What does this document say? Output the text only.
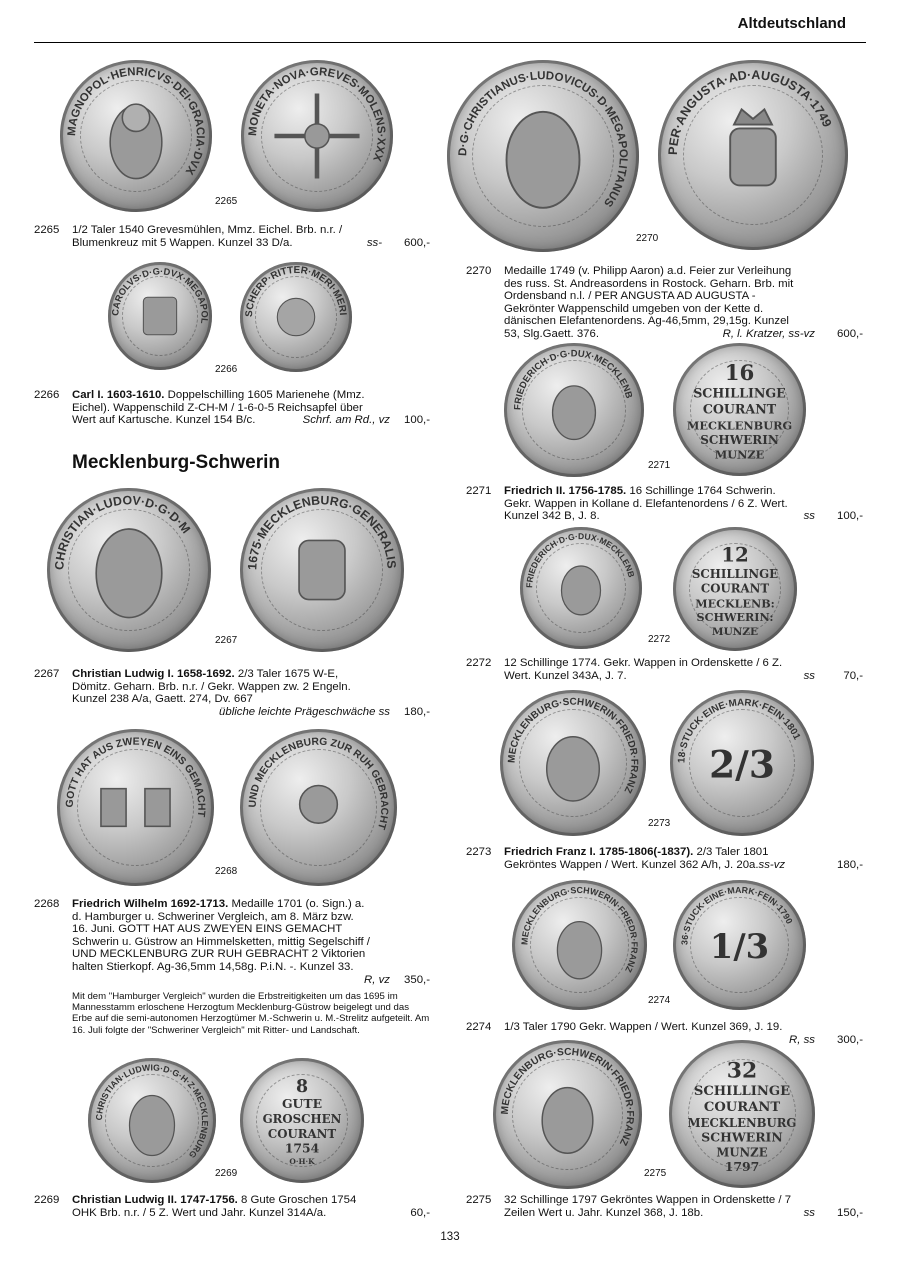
Altdeutschland
MAGNOPOL·HENRICVS·DEI·GRACIA·DVX
MONETA·NOVA·GREVES·MOLENS·XXX
2265
2265 1/2 Taler 1540 Grevesmühlen, Mmz. Eichel. Brb. n.r. /
Blumenkreuz mit 5 Wappen. Kunzel 33 D/a.	ss-	600,-
CAROLVS·D·G·DVX·MEGAPOL
SCHERP·RITTER·MERI·MERI
2266
2266 Carl I. 1603-1610. Doppelschilling 1605 Marienehe (Mmz.
Eichel). Wappenschild Z-CH-M / 1-6-0-5 Reichsapfel über
Wert auf Kartusche. Kunzel 154 B/c.	Schrf. am Rd., vz	100,-
Mecklenburg-Schwerin
CHRISTIAN·LUDOV·D·G·D·M
1675·MECKLENBURG·GENERALIS
2267
2267 Christian Ludwig I. 1658-1692. 2/3 Taler 1675 W-E,
Dömitz. Geharn. Brb. n.r. / Gekr. Wappen zw. 2 Engeln.
Kunzel 238 A/a, Gaett. 274, Dv. 667
übliche leichte Prägeschwäche ss	180,-
GOTT HAT AUS ZWEYEN EINS GEMACHT
UND MECKLENBURG ZUR RUH GEBRACHT
2268
2268 Friedrich Wilhelm 1692-1713. Medaille 1701 (o. Sign.) a.
d. Hamburger u. Schweriner Vergleich, am 8. März bzw.
16. Juni. GOTT HAT AUS ZWEYEN EINS GEMACHT
Schwerin u. Güstrow an Himmelsketten, mittig Segelschiff /
UND MECKLENBURG ZUR RUH GEBRACHT 2 Viktorien
halten Stierkopf. Ag-36,5mm 14,58g. P.i.N. -. Kunzel 33.
R, vz	350,-
Mit dem "Hamburger Vergleich" wurden die Erbstreitigkeiten um das 1695 im Mannesstamm erloschene Herzogtum Mecklenburg-Güstrow beigelegt und das Erbe auf die semi-autonomen Herzogtümer M.-Schwerin u. M.-Strelitz aufgeteilt. Am 16. Juli folgte der "Schweriner Vergleich" mit Ritter- und Landschaft.
CHRISTIAN·LUDWIG·D·G·H·Z·MECKLENBURG
8
GUTE
GROSCHEN
COURANT
1754
O·H·K
2269
2269 Christian Ludwig II. 1747-1756. 8 Gute Groschen 1754
OHK Brb. n.r. / 5 Z. Wert und Jahr. Kunzel 314A/a.	60,-
D·G·CHRISTIANUS·LUDOVICUS·D·MEGAPOLITANUS
PER·ANGUSTA·AD·AUGUSTA·1749
2270
2270 Medaille 1749 (v. Philipp Aaron) a.d. Feier zur Verleihung
des russ. St. Andreasordens in Rostock. Geharn. Brb. mit
Ordensband n.l. / PER ANGUSTA AD AUGUSTA -
Gekrönter Wappenschild umgeben von der Kette d.
dänischen Elefantenordens. Ag-46,5mm, 29,15g. Kunzel
53, Slg.Gaett. 376.	R, l. Kratzer, ss-vz	600,-
FRIEDERICH·D·G·DUX·MECKLENB
16
SCHILLINGE
COURANT
MECKLENBURG
SCHWERIN
MUNZE
2271
2271 Friedrich II. 1756-1785. 16 Schillinge 1764 Schwerin.
Gekr. Wappen in Kollane d. Elefantenordens / 6 Z. Wert.
Kunzel 342 B, J. 8.	ss	100,-
FRIEDERICH·D·G·DUX·MECKLENB
12
SCHILLINGE
COURANT
MECKLENB:
SCHWERIN:
MUNZE
2272
2272 12 Schillinge 1774. Gekr. Wappen in Ordenskette / 6 Z.
Wert. Kunzel 343A, J. 7.	ss	70,-
MECKLENBURG·SCHWERIN·FRIEDR·FRANZ
18·STUCK·EINE·MARK·FEIN·1801
2/3
2273
2273 Friedrich Franz I. 1785-1806(-1837). 2/3 Taler 1801
Gekröntes Wappen / Wert. Kunzel 362 A/h, J. 20a.ss-vz	180,-
MECKLENBURG·SCHWERIN·FRIEDR·FRANZ
36·STUCK·EINE·MARK·FEIN·1790
1/3
2274
2274 1/3 Taler 1790 Gekr. Wappen / Wert. Kunzel 369, J. 19.
R, ss	300,-
MECKLENBURG·SCHWERIN·FRIEDR·FRANZ
32
SCHILLINGE
COURANT
MECKLENBURG
SCHWERIN
MUNZE
1797
2275
2275 32 Schillinge 1797 Gekröntes Wappen in Ordenskette / 7
Zeilen Wert u. Jahr. Kunzel 368, J. 18b.	ss	150,-
133
